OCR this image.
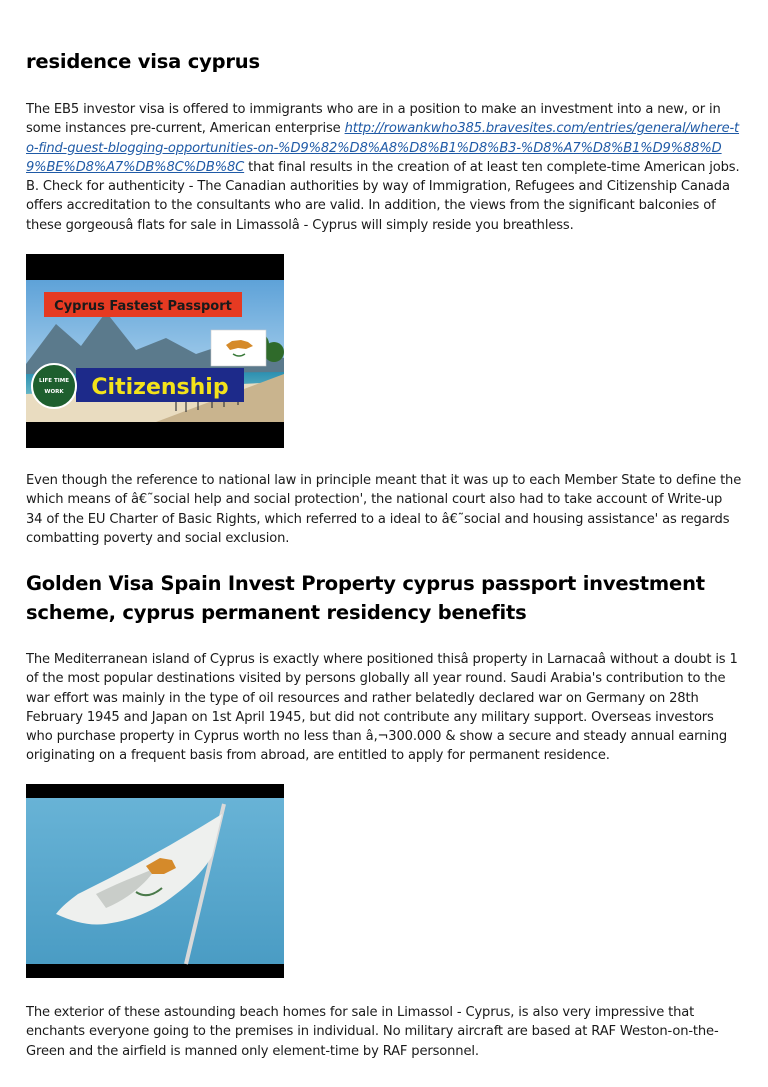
residence visa cyprus

The EB5 investor visa is offered to immigrants who are in a position to make an investment into a new, or in some instances pre-current, American enterprise http://rowankwho385.bravesites.com/entries/general/where-to-find-guest-blogging-opportunities-on-%D9%82%D8%A8%D8%B1%D8%B3-%D8%A7%D8%B1%D9%88%D9%BE%D8%A7%DB%8C%DB%8C that final results in the creation of at least ten complete-time American jobs. B. Check for authenticity - The Canadian authorities by way of Immigration, Refugees and Citizenship Canada offers accreditation to the consultants who are valid. In addition, the views from the significant balconies of these gorgeousâ flats for sale in Limassolâ - Cyprus will simply reside you breathless.

Cyprus Fastest Passport
Citizenship
LIFE TIME
WORK

Even though the reference to national law in principle meant that it was up to each Member State to define the which means of â€˜social help and social protection', the national court also had to take account of Write-up 34 of the EU Charter of Basic Rights, which referred to a ideal to â€˜social and housing assistance' as regards combatting poverty and social exclusion.

Golden Visa Spain Invest Property cyprus passport investment scheme, cyprus permanent residency benefits

The Mediterranean island of Cyprus is exactly where positioned thisâ property in Larnacaâ without a doubt is 1 of the most popular destinations visited by persons globally all year round. Saudi Arabia's contribution to the war effort was mainly in the type of oil resources and rather belatedly declared war on Germany on 28th February 1945 and Japan on 1st April 1945, but did not contribute any military support. Overseas investors who purchase property in Cyprus worth no less than â‚¬300.000 & show a secure and steady annual earning originating on a frequent basis from abroad, are entitled to apply for permanent residence.

The exterior of these astounding beach homes for sale in Limassol - Cyprus, is also very impressive that enchants everyone going to the premises in individual. No military aircraft are based at RAF Weston-on-the-Green and the airfield is manned only element-time by RAF personnel.
